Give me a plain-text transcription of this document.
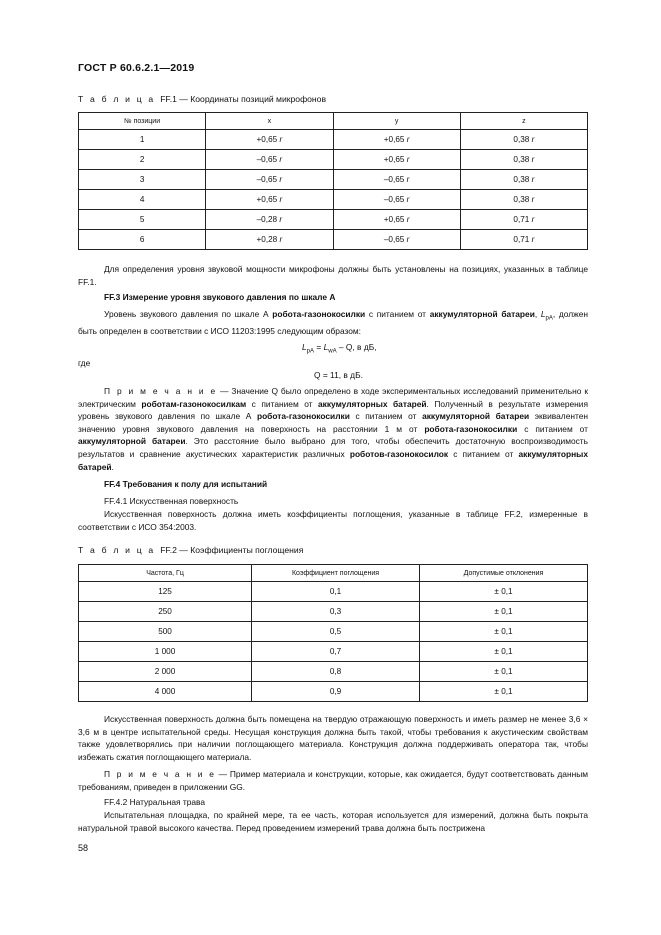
ГОСТ Р 60.6.2.1—2019
Т а б л и ц а FF.1 — Координаты позиций микрофонов
№ позиции	x	y	z
1	+0,65 r	+0,65 r	0,38 r
2	–0,65 r	+0,65 r	0,38 r
3	–0,65 r	–0,65 r	0,38 r
4	+0,65 r	–0,65 r	0,38 r
5	–0,28 r	+0,65 r	0,71 r
6	+0,28 r	–0,65 r	0,71 r
Для определения уровня звуковой мощности микрофоны должны быть установлены на позициях, указанных в таблице FF.1.
FF.3 Измерение уровня звукового давления по шкале А
Уровень звукового давления по шкале А робота-газонокосилки с питанием от аккумуляторной батареи, $L_{pA}$, должен быть определен в соответствии с ИСО 11203:1995 следующим образом:
$L_{pA} = L_{wA} - Q$, в дБ,
где
Q = 11, в дБ.
П р и м е ч а н и е — Значение Q было определено в ходе экспериментальных исследований применительно к электрическим роботам-газонокосилкам с питанием от аккумуляторных батарей. Полученный в результате измерения уровень звукового давления по шкале А робота-газонокосилки с питанием от аккумуляторной батареи эквивалентен значению уровня звукового давления на поверхность на расстоянии 1 м от робота-газонокосилки с питанием от аккумуляторной батареи. Это расстояние было выбрано для того, чтобы обеспечить достаточную воспроизводимость результатов и сравнение акустических характеристик различных роботов-газонокосилок с питанием от аккумуляторных батарей.
FF.4 Требования к полу для испытаний
FF.4.1 Искусственная поверхность
Искусственная поверхность должна иметь коэффициенты поглощения, указанные в таблице FF.2, измеренные в соответствии с ИСО 354:2003.
Т а б л и ц а FF.2 — Коэффициенты поглощения
Частота, Гц	Коэффициент поглощения	Допустимые отклонения
125	0,1	± 0,1
250	0,3	± 0,1
500	0,5	± 0,1
1 000	0,7	± 0,1
2 000	0,8	± 0,1
4 000	0,9	± 0,1
Искусственная поверхность должна быть помещена на твердую отражающую поверхность и иметь размер не менее 3,6 × 3,6 м в центре испытательной среды. Несущая конструкция должна быть такой, чтобы требования к акустическим свойствам также удовлетворялись при наличии поглощающего материала. Конструкция должна поддерживать оператора так, чтобы избежать сжатия поглощающего материала.
П р и м е ч а н и е — Пример материала и конструкции, которые, как ожидается, будут соответствовать данным требованиям, приведен в приложении GG.
FF.4.2 Натуральная трава
Испытательная площадка, по крайней мере, та ее часть, которая используется для измерений, должна быть покрыта натуральной травой высокого качества. Перед проведением измерений трава должна быть пострижена
58
